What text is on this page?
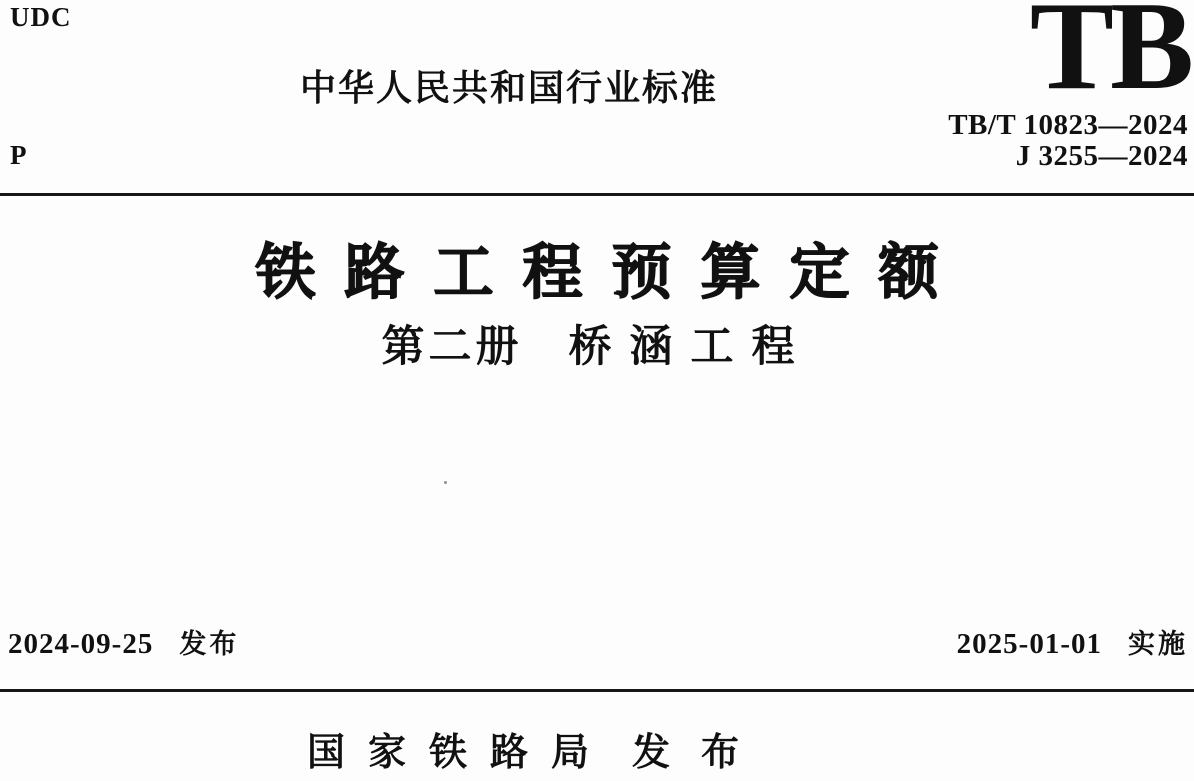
UDC
P
中华人民共和国行业标准 TB
TB/T 10823—2024
J 3255—2024
铁路工程预算定额
第二册 桥涵工程
2024-09-25 发布	2025-01-01 实施
国家铁路局 发布
